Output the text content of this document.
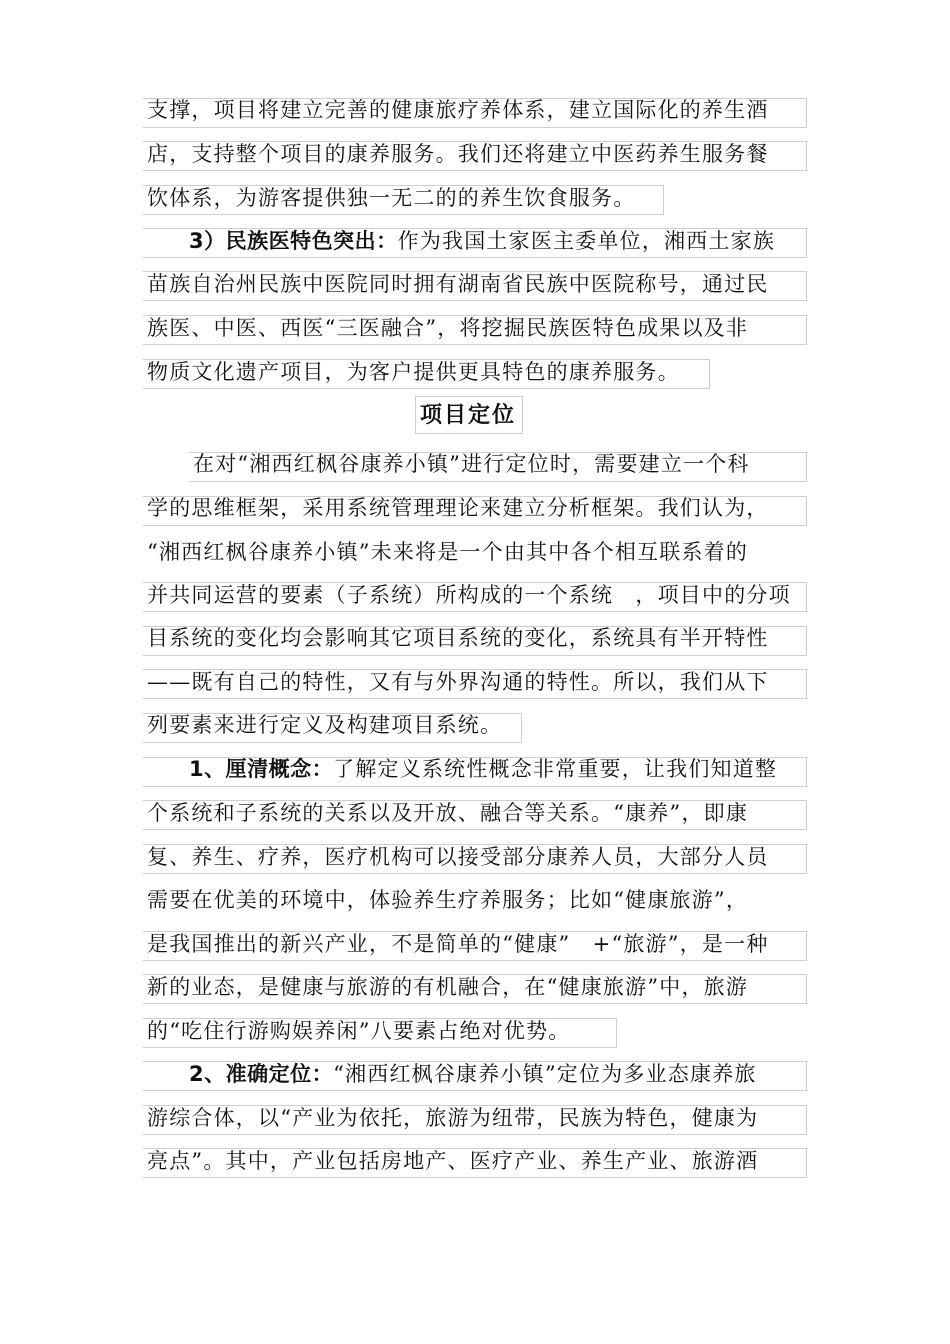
支撑，项目将建立完善的健康旅疗养体系，建立国际化的养生酒
店，支持整个项目的康养服务。我们还将建立中医药养生服务餐
饮体系，为游客提供独一无二的的养生饮食服务。
3）民族医特色突出：作为我国土家医主委单位，湘西土家族
苗族自治州民族中医院同时拥有湖南省民族中医院称号，通过民
族医、中医、西医“三医融合”，将挖掘民族医特色成果以及非
物质文化遗产项目，为客户提供更具特色的康养服务。
项目定位
在对“湘西红枫谷康养小镇”进行定位时，需要建立一个科
学的思维框架，采用系统管理理论来建立分析框架。我们认为，
“湘西红枫谷康养小镇”未来将是一个由其中各个相互联系着的
并共同运营的要素（子系统）所构成的一个系统　，项目中的分项
目系统的变化均会影响其它项目系统的变化，系统具有半开特性
——既有自己的特性，又有与外界沟通的特性。所以，我们从下
列要素来进行定义及构建项目系统。
1、厘清概念：了解定义系统性概念非常重要，让我们知道整
个系统和子系统的关系以及开放、融合等关系。“康养”，即康
复、养生、疗养，医疗机构可以接受部分康养人员，大部分人员
需要在优美的环境中，体验养生疗养服务；比如“健康旅游”，
是我国推出的新兴产业，不是简单的“健康”　+“旅游”，是一种
新的业态，是健康与旅游的有机融合，在“健康旅游”中，旅游
的“吃住行游购娱养闲”八要素占绝对优势。
2、准确定位：“湘西红枫谷康养小镇”定位为多业态康养旅
游综合体，以“产业为依托，旅游为纽带，民族为特色，健康为
亮点”。其中，产业包括房地产、医疗产业、养生产业、旅游酒
